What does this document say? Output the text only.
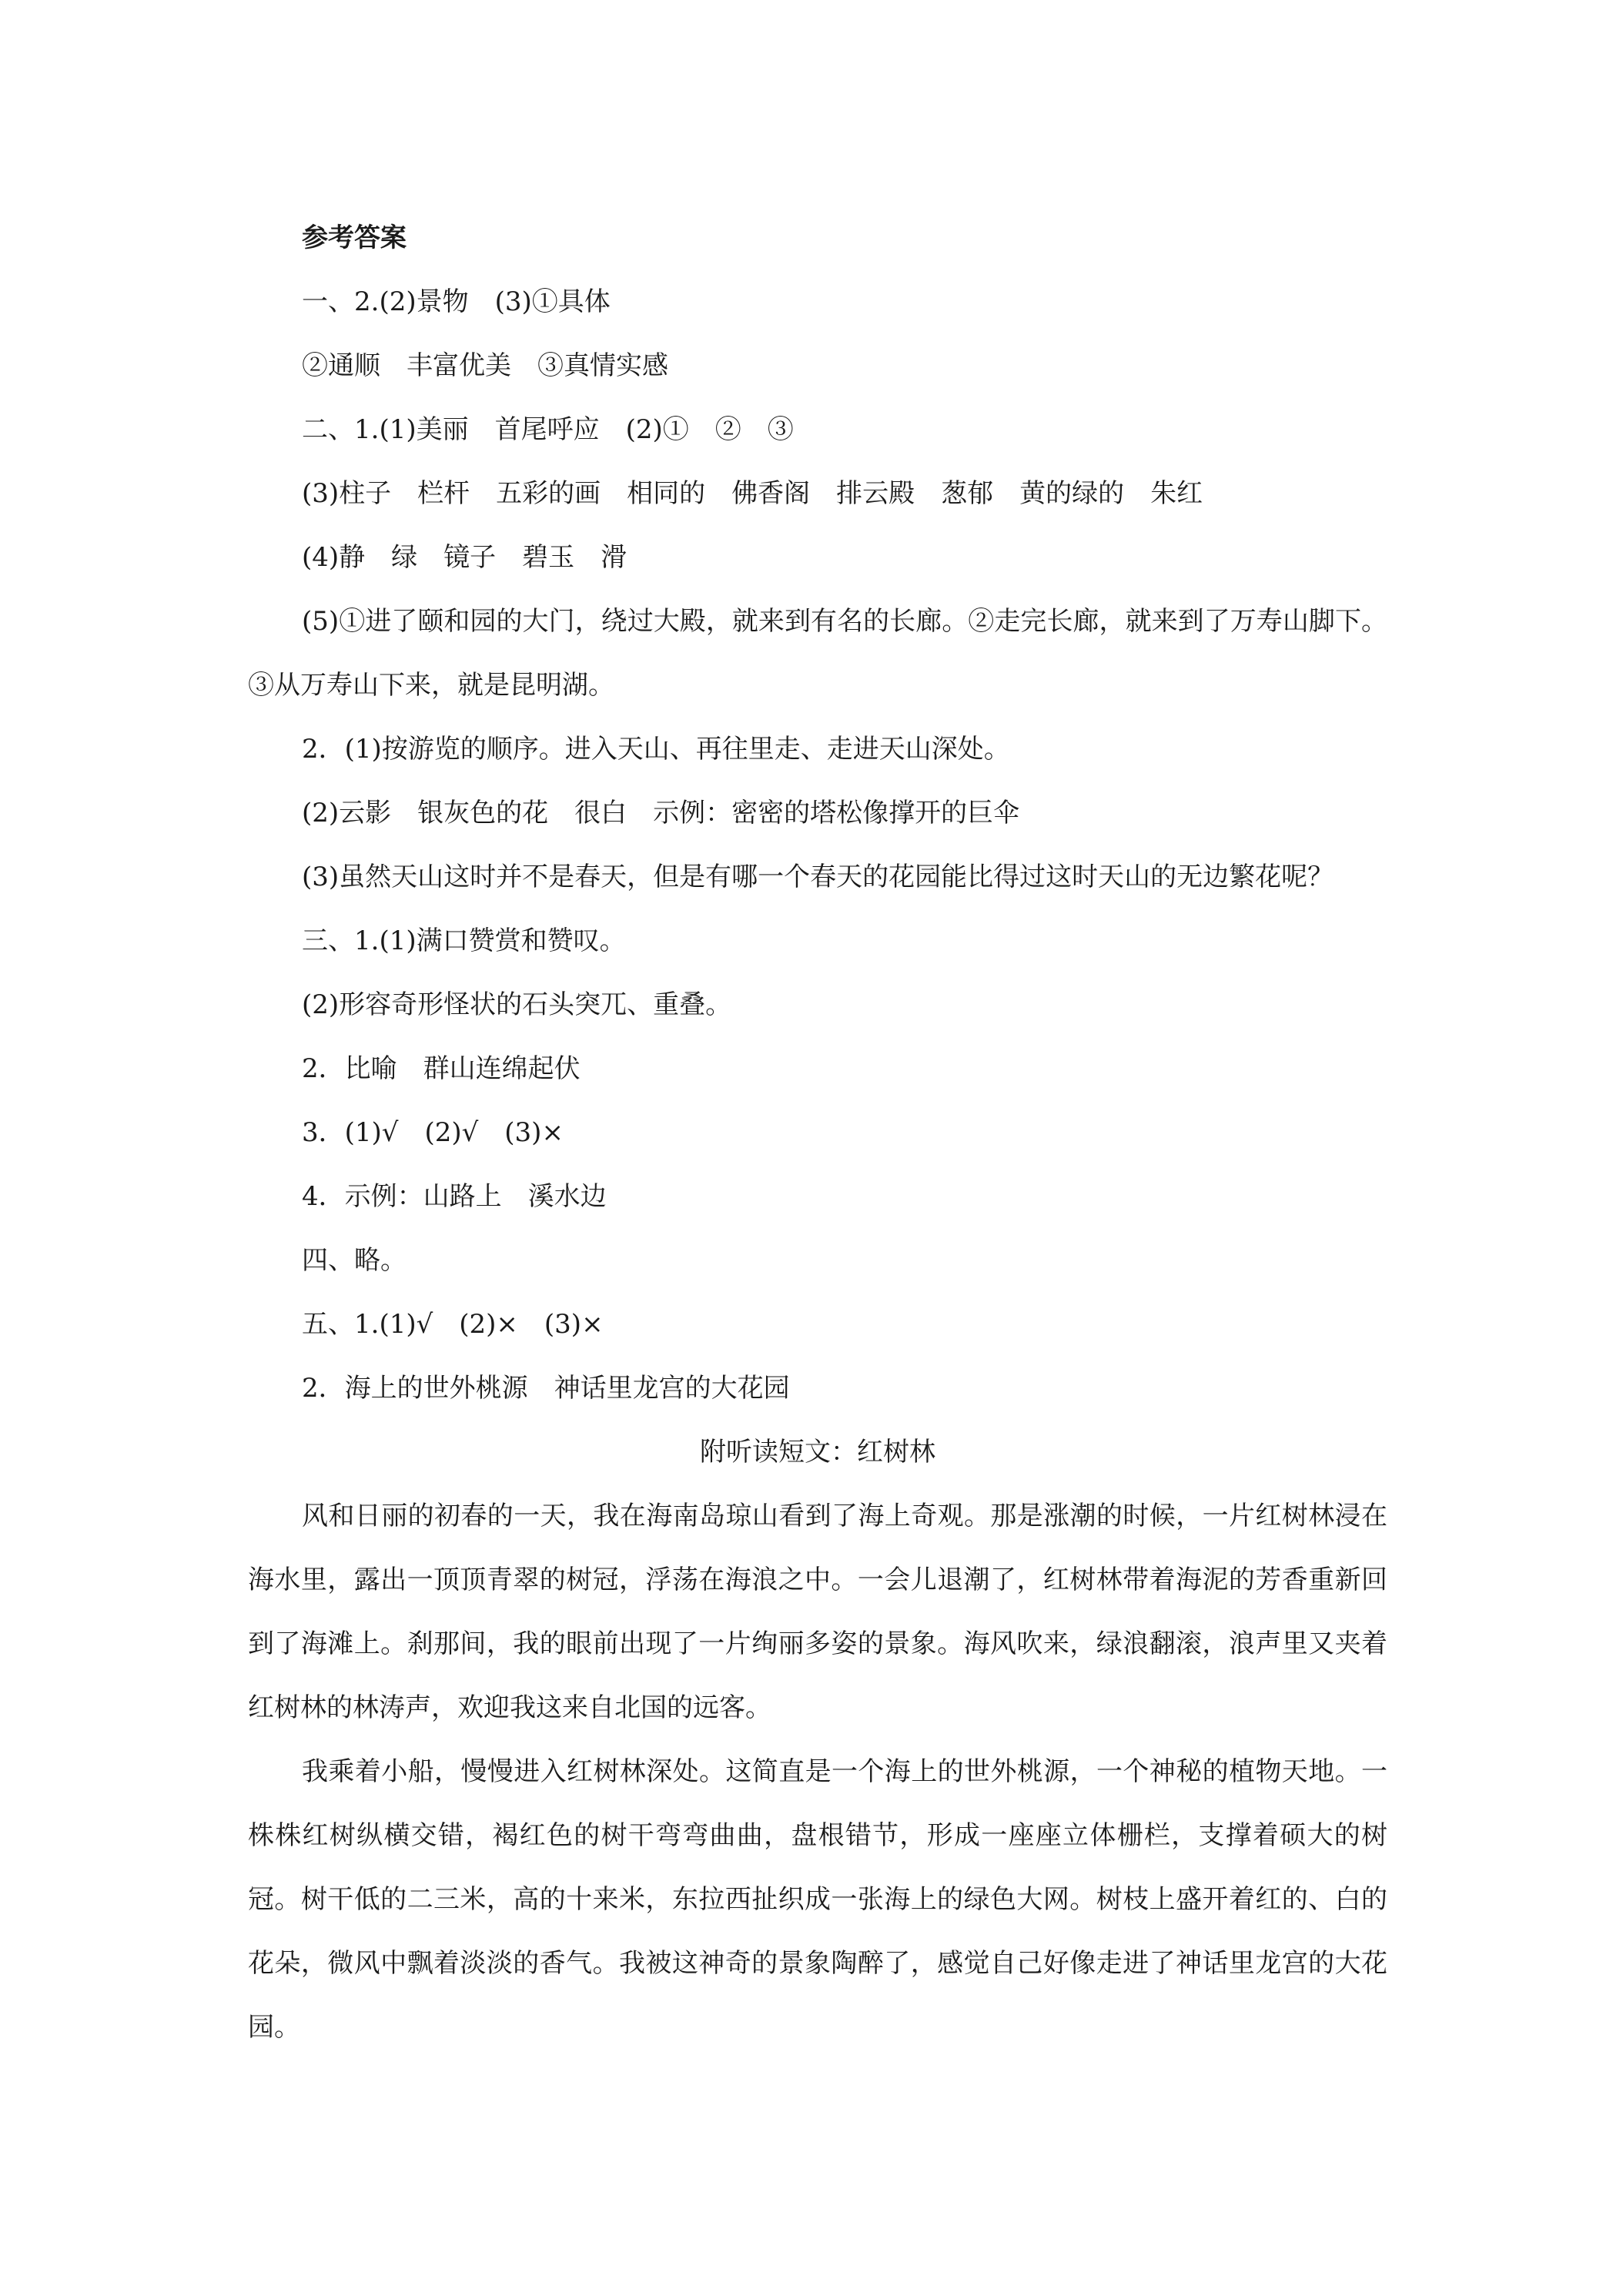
参考答案
一、2.(2)景物　(3)①具体
②通顺　丰富优美　③真情实感
二、1.(1)美丽　首尾呼应　(2)①　②　③
(3)柱子　栏杆　五彩的画　相同的　佛香阁　排云殿　葱郁　黄的绿的　朱红
(4)静　绿　镜子　碧玉　滑
(5)①进了颐和园的大门，绕过大殿，就来到有名的长廊。②走完长廊，就来到了万寿山脚下。③从万寿山下来，就是昆明湖。
2．(1)按游览的顺序。进入天山、再往里走、走进天山深处。
(2)云影　银灰色的花　很白　示例：密密的塔松像撑开的巨伞
(3)虽然天山这时并不是春天，但是有哪一个春天的花园能比得过这时天山的无边繁花呢？
三、1.(1)满口赞赏和赞叹。
(2)形容奇形怪状的石头突兀、重叠。
2．比喻　群山连绵起伏
3．(1)√　(2)√　(3)×
4．示例：山路上　溪水边
四、略。
五、1.(1)√　(2)×　(3)×
2．海上的世外桃源　神话里龙宫的大花园
附听读短文：红树林
风和日丽的初春的一天，我在海南岛琼山看到了海上奇观。那是涨潮的时候，一片红树林浸在海水里，露出一顶顶青翠的树冠，浮荡在海浪之中。一会儿退潮了，红树林带着海泥的芳香重新回到了海滩上。刹那间，我的眼前出现了一片绚丽多姿的景象。海风吹来，绿浪翻滚，浪声里又夹着红树林的林涛声，欢迎我这来自北国的远客。
我乘着小船，慢慢进入红树林深处。这简直是一个海上的世外桃源，一个神秘的植物天地。一株株红树纵横交错，褐红色的树干弯弯曲曲，盘根错节，形成一座座立体栅栏，支撑着硕大的树冠。树干低的二三米，高的十来米，东拉西扯织成一张海上的绿色大网。树枝上盛开着红的、白的花朵，微风中飘着淡淡的香气。我被这神奇的景象陶醉了，感觉自己好像走进了神话里龙宫的大花园。
